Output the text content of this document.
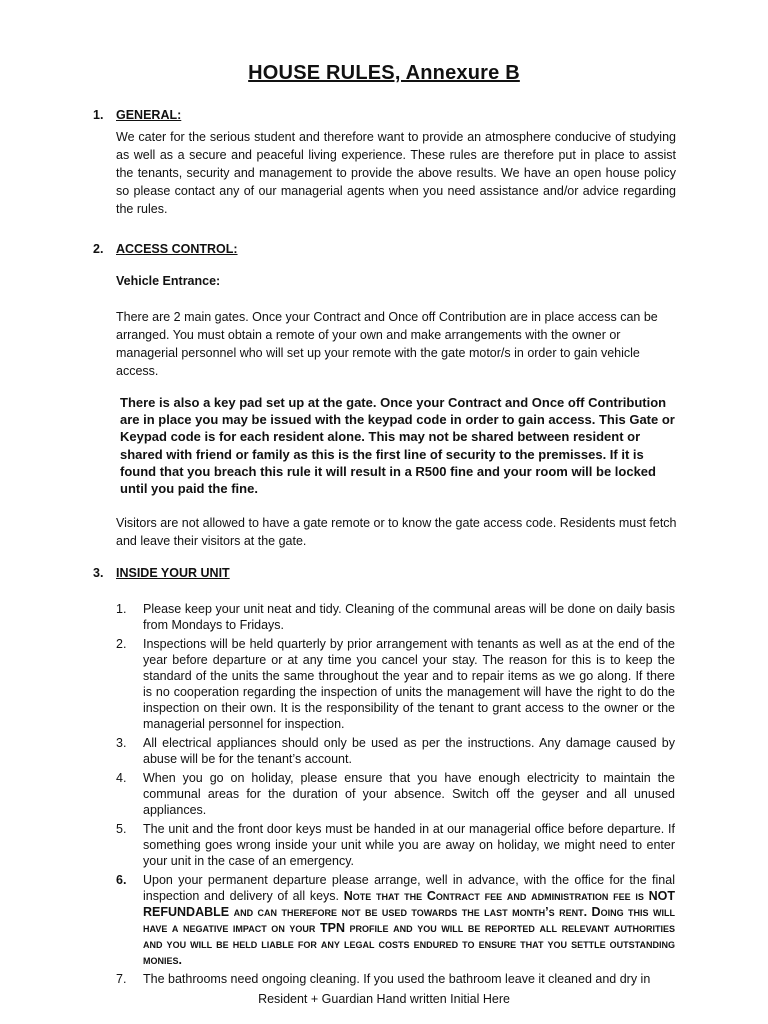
HOUSE RULES, Annexure B
1. GENERAL:
We cater for the serious student and therefore want to provide an atmosphere conducive of studying as well as a secure and peaceful living experience. These rules are therefore put in place to assist the tenants, security and management to provide the above results. We have an open house policy so please contact any of our managerial agents when you need assistance and/or advice regarding the rules.
2. ACCESS CONTROL:
Vehicle Entrance:
There are 2 main gates. Once your Contract and Once off Contribution are in place access can be arranged. You must obtain a remote of your own and make arrangements with the owner or managerial personnel who will set up your remote with the gate motor/s in order to gain vehicle access.
There is also a key pad set up at the gate. Once your Contract and Once off Contribution are in place you may be issued with the keypad code in order to gain access. This Gate or Keypad code is for each resident alone. This may not be shared between resident or shared with friend or family as this is the first line of security to the premisses. If it is found that you breach this rule it will result in a R500 fine and your room will be locked until you paid the fine.
Visitors are not allowed to have a gate remote or to know the gate access code. Residents must fetch and leave their visitors at the gate.
3. INSIDE YOUR UNIT
1. Please keep your unit neat and tidy. Cleaning of the communal areas will be done on daily basis from Mondays to Fridays.
2. Inspections will be held quarterly by prior arrangement with tenants as well as at the end of the year before departure or at any time you cancel your stay. The reason for this is to keep the standard of the units the same throughout the year and to repair items as we go along. If there is no cooperation regarding the inspection of units the management will have the right to do the inspection on their own. It is the responsibility of the tenant to grant access to the owner or the managerial personnel for inspection.
3. All electrical appliances should only be used as per the instructions. Any damage caused by abuse will be for the tenant’s account.
4. When you go on holiday, please ensure that you have enough electricity to maintain the communal areas for the duration of your absence. Switch off the geyser and all unused appliances.
5. The unit and the front door keys must be handed in at our managerial office before departure. If something goes wrong inside your unit while you are away on holiday, we might need to enter your unit in the case of an emergency.
6. Upon your permanent departure please arrange, well in advance, with the office for the final inspection and delivery of all keys. Note that the Contract fee and administration fee is NOT REFUNDABLE and can therefore not be used towards the last month’s rent. Doing this will have a negative impact on your TPN profile and you will be reported all relevant authorities and you will be held liable for any legal costs endured to ensure that you settle outstanding monies.
7. The bathrooms need ongoing cleaning. If you used the bathroom leave it cleaned and dry in
Resident + Guardian Hand written Initial Here
